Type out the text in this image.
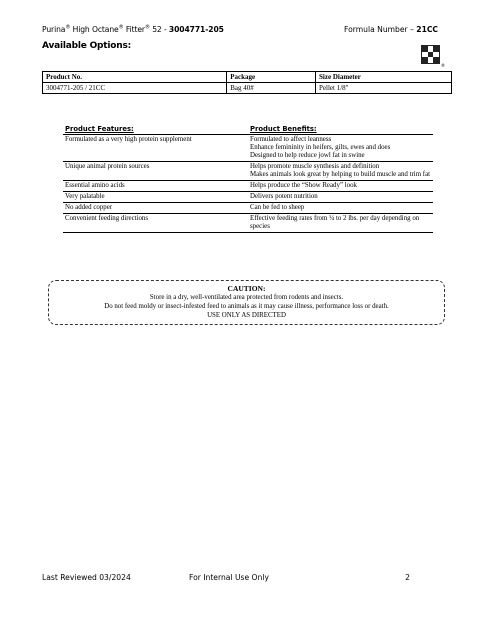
Purina® High Octane® Fitter® 52 - 3004771-205	Formula Number – 21CC
Available Options:
®
Product No.	Package	Size Diameter
3004771-205 / 21CC	Bag 40#	Pellet 1/8"
Product Features:	Product Benefits:
Formulated as a very high protein supplement	Formulated to affect leanness
Enhance femininity in heifers, gilts, ewes and does
Designed to help reduce jowl fat in swine
Unique animal protein sources	Helps promote muscle synthesis and definition
Makes animals look great by helping to build muscle and trim fat
Essential amino acids	Helps produce the “Show Ready” look
Very palatable	Delivers potent nutrition
No added copper	Can be fed to sheep
Convenient feeding directions	Effective feeding rates from ¼ to 2 lbs. per day depending on species
CAUTION:
Store in a dry, well-ventilated area protected from rodents and insects.
Do not feed moldy or insect-infested feed to animals as it may cause illness, performance loss or death.
USE ONLY AS DIRECTED
Last Reviewed 03/2024	For Internal Use Only	2
